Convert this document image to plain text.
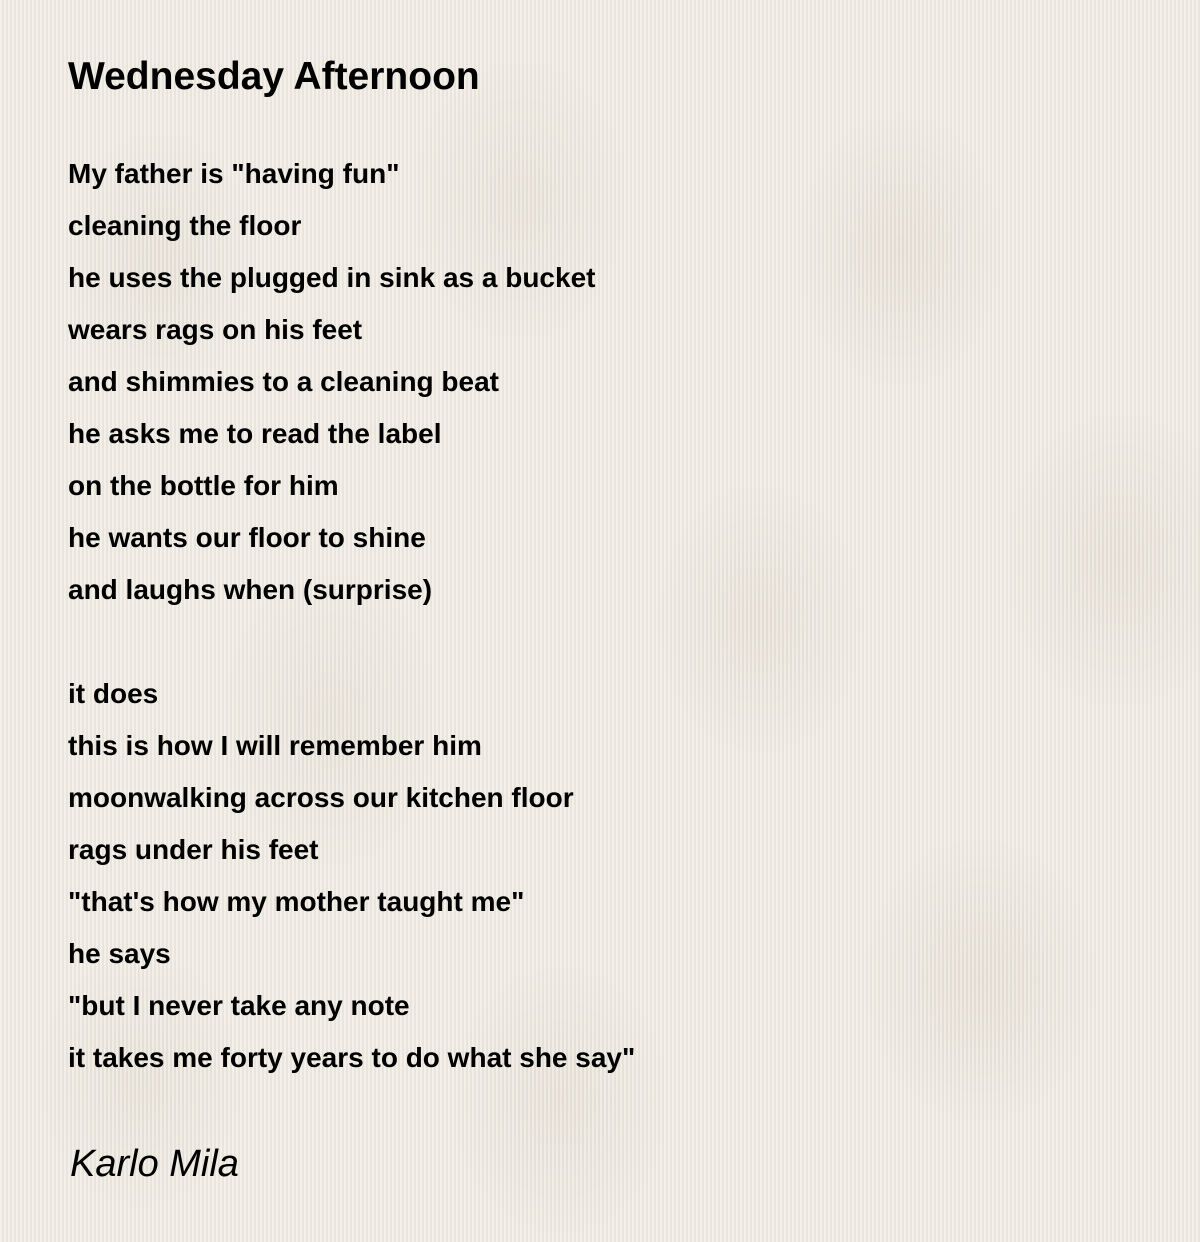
Wednesday Afternoon
My father is "having fun"
cleaning the floor
he uses the plugged in sink as a bucket
wears rags on his feet
and shimmies to a cleaning beat
he asks me to read the label
on the bottle for him
he wants our floor to shine
and laughs when (surprise)
it does
this is how I will remember him
moonwalking across our kitchen floor
rags under his feet
"that's how my mother taught me"
he says
"but I never take any note
it takes me forty years to do what she say"
Karlo Mila
